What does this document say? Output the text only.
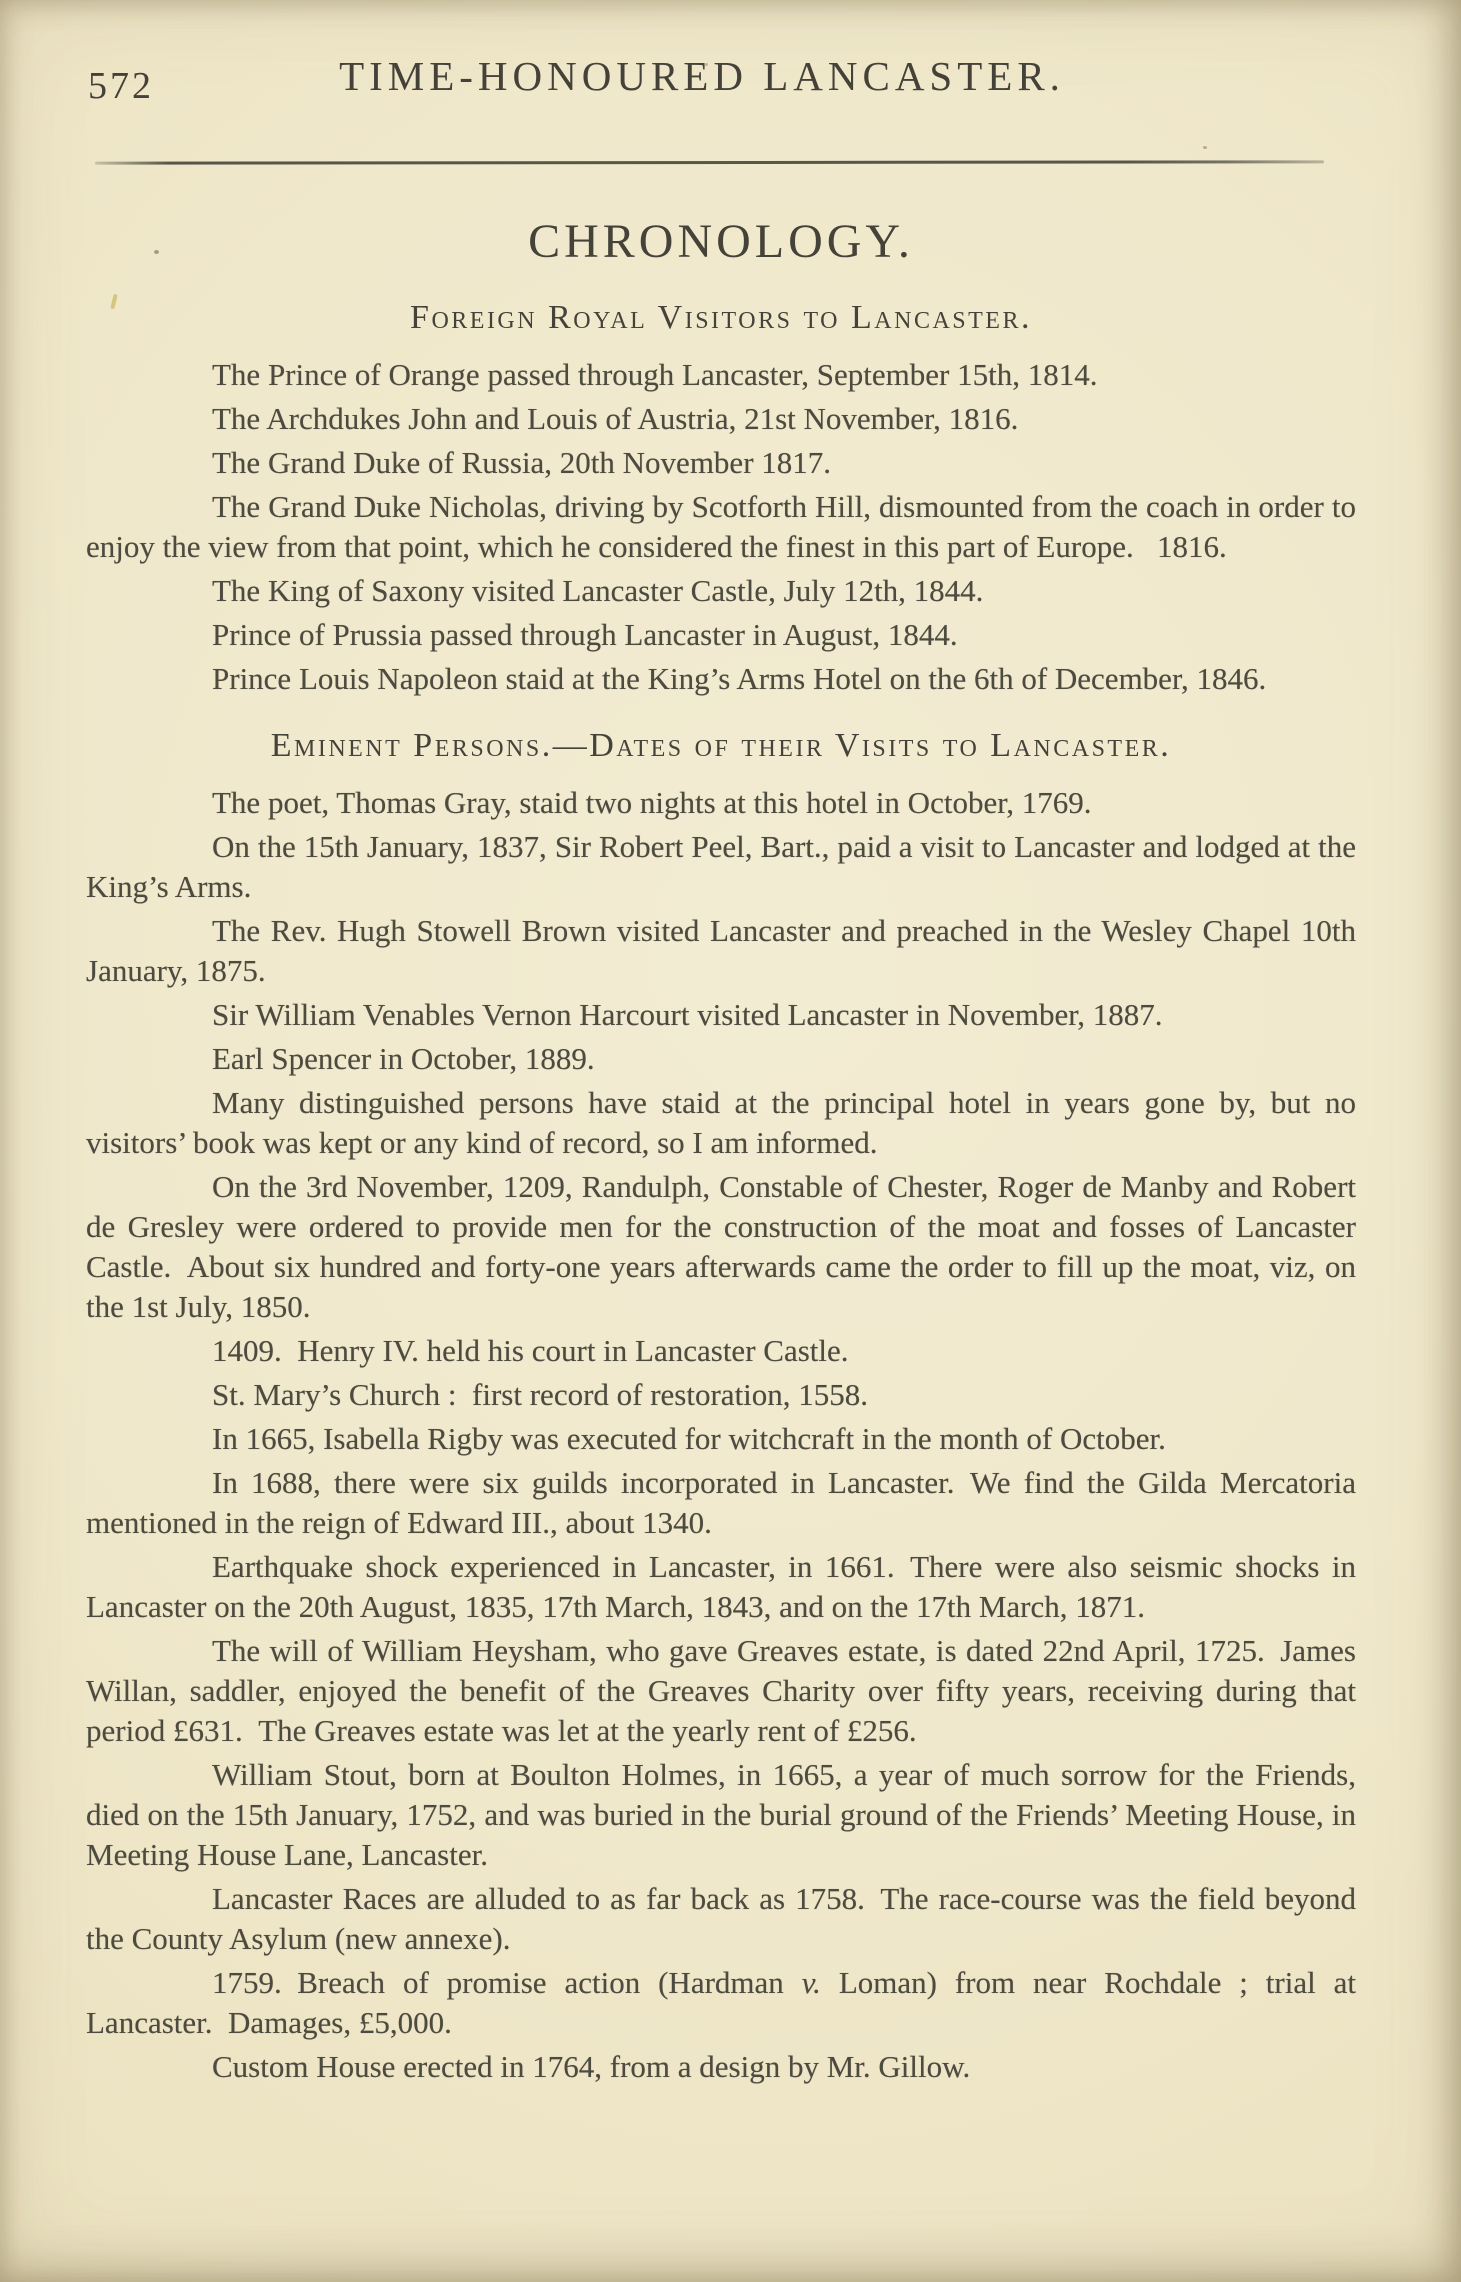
572	TIME-HONOURED LANCASTER.
CHRONOLOGY.
Foreign Royal Visitors to Lancaster.

The Prince of Orange passed through Lancaster, September 15th, 1814.

The Archdukes John and Louis of Austria, 21st November, 1816.

The Grand Duke of Russia, 20th November 1817.

The Grand Duke Nicholas, driving by Scotforth Hill, dismounted from the coach in order to enjoy the view from that point, which he considered the finest in this part of Europe.  1816.

The King of Saxony visited Lancaster Castle, July 12th, 1844.

Prince of Prussia passed through Lancaster in August, 1844.

Prince Louis Napoleon staid at the King’s Arms Hotel on the 6th of December, 1846.

Eminent Persons.—Dates of their Visits to Lancaster.

The poet, Thomas Gray, staid two nights at this hotel in October, 1769.

On the 15th January, 1837, Sir Robert Peel, Bart., paid a visit to Lancaster and lodged at the King’s Arms.

The Rev. Hugh Stowell Brown visited Lancaster and preached in the Wesley Chapel 10th January, 1875.

Sir William Venables Vernon Harcourt visited Lancaster in November, 1887.

Earl Spencer in October, 1889.

Many distinguished persons have staid at the principal hotel in years gone by, but no visitors’ book was kept or any kind of record, so I am informed.

On the 3rd November, 1209, Randulph, Constable of Chester, Roger de Manby and Robert de Gresley were ordered to provide men for the construction of the moat and fosses of Lancaster Castle. About six hundred and forty-one years afterwards came the order to fill up the moat, viz, on the 1st July, 1850.

1409. Henry IV. held his court in Lancaster Castle.

St. Mary’s Church : first record of restoration, 1558.

In 1665, Isabella Rigby was executed for witchcraft in the month of October.

In 1688, there were six guilds incorporated in Lancaster. We find the Gilda Mercatoria mentioned in the reign of Edward III., about 1340.

Earthquake shock experienced in Lancaster, in 1661. There were also seismic shocks in Lancaster on the 20th August, 1835, 17th March, 1843, and on the 17th March, 1871.

The will of William Heysham, who gave Greaves estate, is dated 22nd April, 1725. James Willan, saddler, enjoyed the benefit of the Greaves Charity over fifty years, receiving during that period £631. The Greaves estate was let at the yearly rent of £256.

William Stout, born at Boulton Holmes, in 1665, a year of much sorrow for the Friends, died on the 15th January, 1752, and was buried in the burial ground of the Friends’ Meeting House, in Meeting House Lane, Lancaster.

Lancaster Races are alluded to as far back as 1758. The race-course was the field beyond the County Asylum (new annexe).

1759. Breach of promise action (Hardman v. Loman) from near Rochdale ; trial at Lancaster. Damages, £5,000.

Custom House erected in 1764, from a design by Mr. Gillow.
